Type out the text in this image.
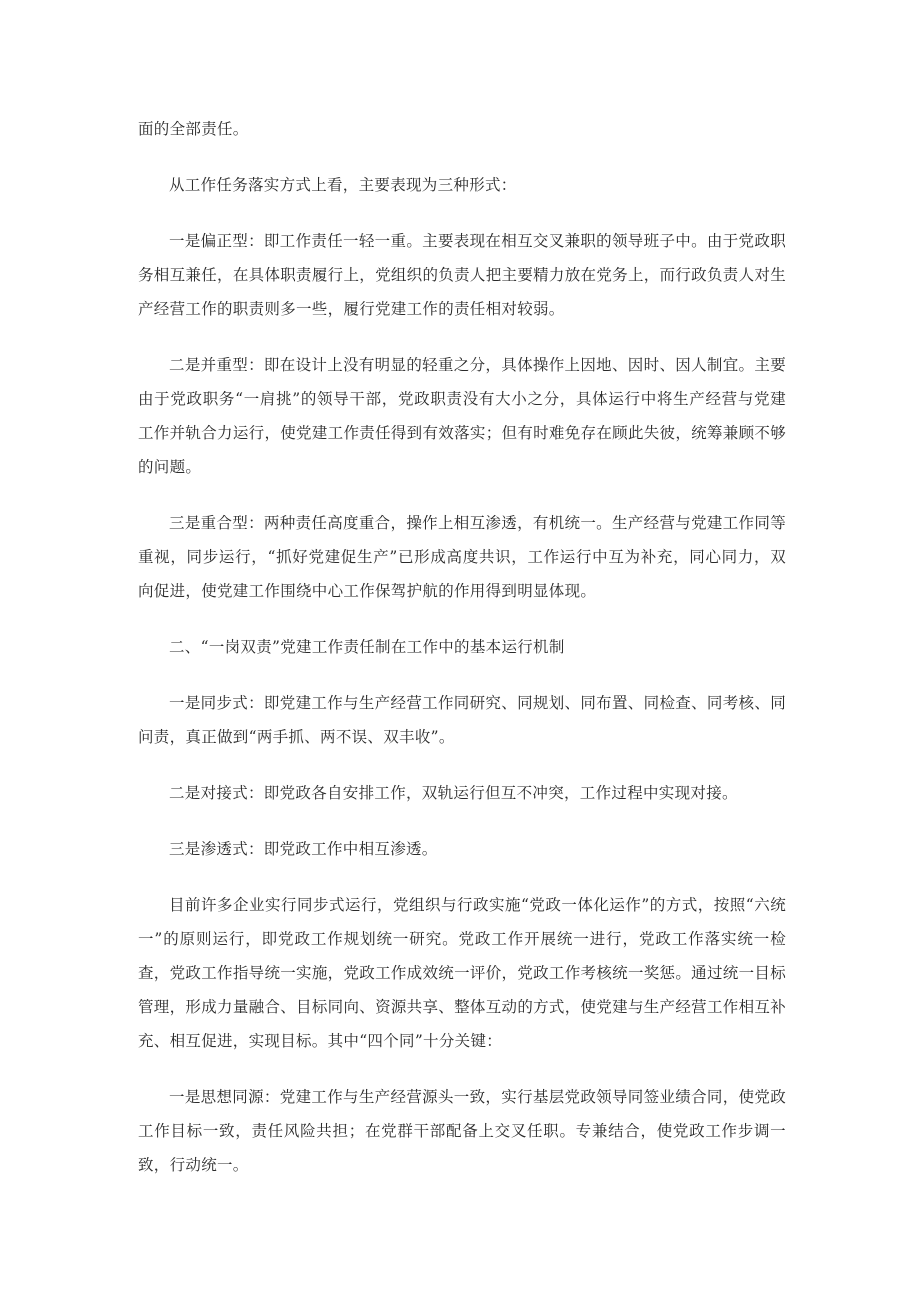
面的全部责任。

从工作任务落实方式上看，主要表现为三种形式：

一是偏正型：即工作责任一轻一重。主要表现在相互交叉兼职的领导班子中。由于党政职务相互兼任，在具体职责履行上，党组织的负责人把主要精力放在党务上，而行政负责人对生产经营工作的职责则多一些，履行党建工作的责任相对较弱。

二是并重型：即在设计上没有明显的轻重之分，具体操作上因地、因时、因人制宜。主要由于党政职务“一肩挑”的领导干部，党政职责没有大小之分，具体运行中将生产经营与党建工作并轨合力运行，使党建工作责任得到有效落实；但有时难免存在顾此失彼，统筹兼顾不够的问题。

三是重合型：两种责任高度重合，操作上相互渗透，有机统一。生产经营与党建工作同等重视，同步运行，“抓好党建促生产”已形成高度共识，工作运行中互为补充，同心同力，双向促进，使党建工作围绕中心工作保驾护航的作用得到明显体现。

二、“一岗双责”党建工作责任制在工作中的基本运行机制

一是同步式：即党建工作与生产经营工作同研究、同规划、同布置、同检查、同考核、同问责，真正做到“两手抓、两不误、双丰收”。

二是对接式：即党政各自安排工作，双轨运行但互不冲突，工作过程中实现对接。

三是渗透式：即党政工作中相互渗透。

目前许多企业实行同步式运行，党组织与行政实施“党政一体化运作”的方式，按照“六统一”的原则运行，即党政工作规划统一研究。党政工作开展统一进行，党政工作落实统一检查，党政工作指导统一实施，党政工作成效统一评价，党政工作考核统一奖惩。通过统一目标管理，形成力量融合、目标同向、资源共享、整体互动的方式，使党建与生产经营工作相互补充、相互促进，实现目标。其中“四个同”十分关键：

一是思想同源：党建工作与生产经营源头一致，实行基层党政领导同签业绩合同，使党政工作目标一致，责任风险共担；在党群干部配备上交叉任职。专兼结合，使党政工作步调一致，行动统一。
